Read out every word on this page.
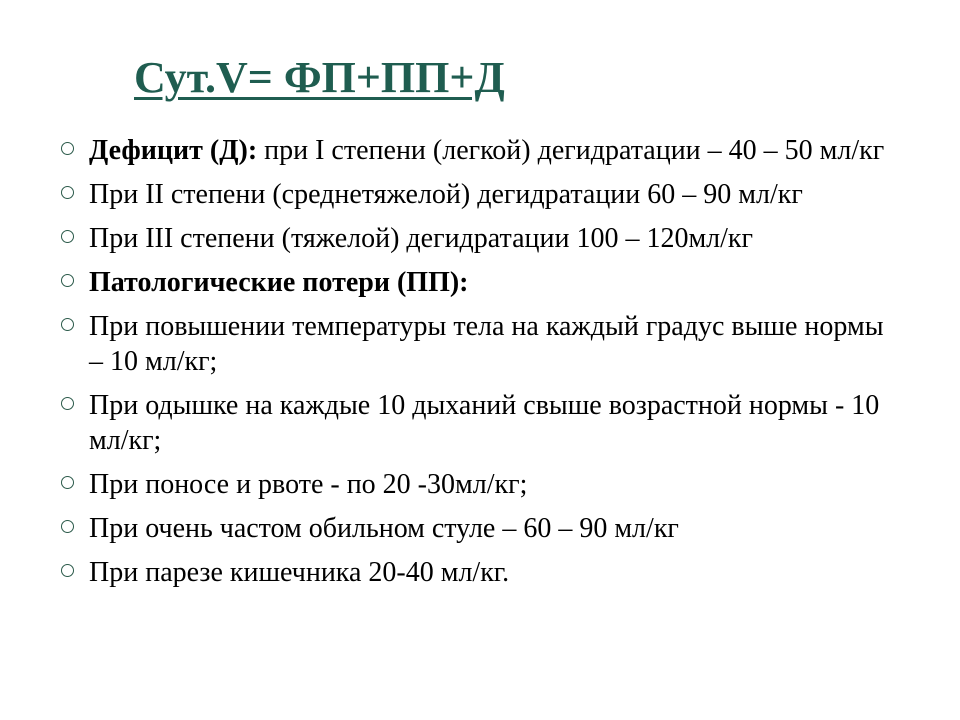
Сут.V= ФП+ПП+Д
Дефицит (Д): при I степени (легкой) дегидратации – 40 – 50 мл/кг
При II степени (среднетяжелой) дегидратации 60 – 90 мл/кг
При III степени (тяжелой) дегидратации 100 – 120мл/кг
Патологические потери (ПП):
При повышении температуры тела на каждый градус выше нормы – 10 мл/кг;
При одышке на каждые 10 дыханий свыше возрастной нормы - 10 мл/кг;
При поносе и рвоте - по 20 -30мл/кг;
При очень частом обильном стуле – 60 – 90 мл/кг
При парезе кишечника 20-40 мл/кг.
